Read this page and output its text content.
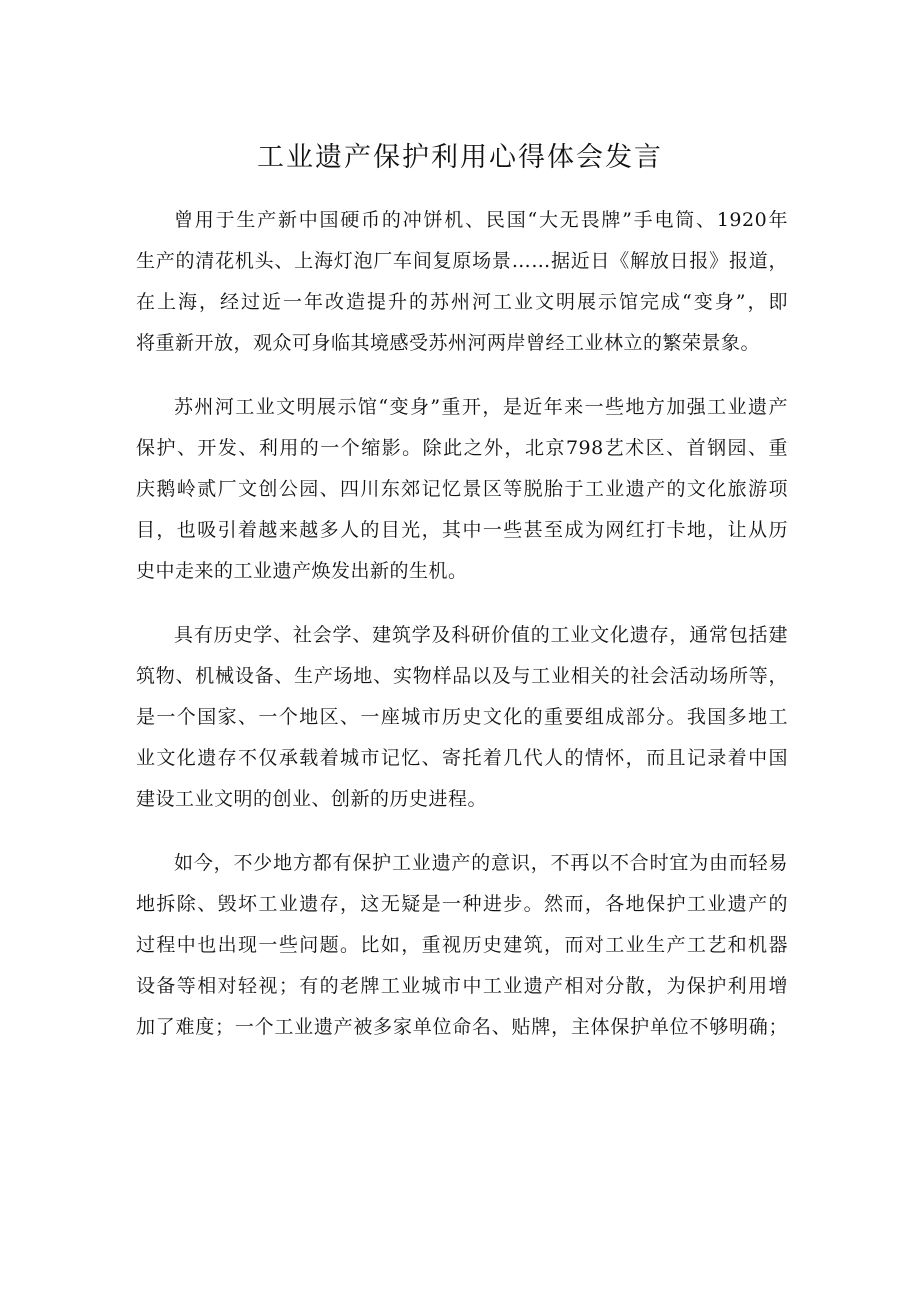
工业遗产保护利用心得体会发言

曾用于生产新中国硬币的冲饼机、民国“大无畏牌”手电筒、1920年
生产的清花机头、上海灯泡厂车间复原场景……据近日《解放日报》报道，
在上海，经过近一年改造提升的苏州河工业文明展示馆完成“变身”，即
将重新开放，观众可身临其境感受苏州河两岸曾经工业林立的繁荣景象。

苏州河工业文明展示馆“变身”重开，是近年来一些地方加强工业遗产
保护、开发、利用的一个缩影。除此之外，北京798艺术区、首钢园、重
庆鹅岭贰厂文创公园、四川东郊记忆景区等脱胎于工业遗产的文化旅游项
目，也吸引着越来越多人的目光，其中一些甚至成为网红打卡地，让从历
史中走来的工业遗产焕发出新的生机。

具有历史学、社会学、建筑学及科研价值的工业文化遗存，通常包括建
筑物、机械设备、生产场地、实物样品以及与工业相关的社会活动场所等，
是一个国家、一个地区、一座城市历史文化的重要组成部分。我国多地工
业文化遗存不仅承载着城市记忆、寄托着几代人的情怀，而且记录着中国
建设工业文明的创业、创新的历史进程。

如今，不少地方都有保护工业遗产的意识，不再以不合时宜为由而轻易
地拆除、毁坏工业遗存，这无疑是一种进步。然而，各地保护工业遗产的
过程中也出现一些问题。比如，重视历史建筑，而对工业生产工艺和机器
设备等相对轻视；有的老牌工业城市中工业遗产相对分散，为保护利用增
加了难度；一个工业遗产被多家单位命名、贴牌，主体保护单位不够明确；
